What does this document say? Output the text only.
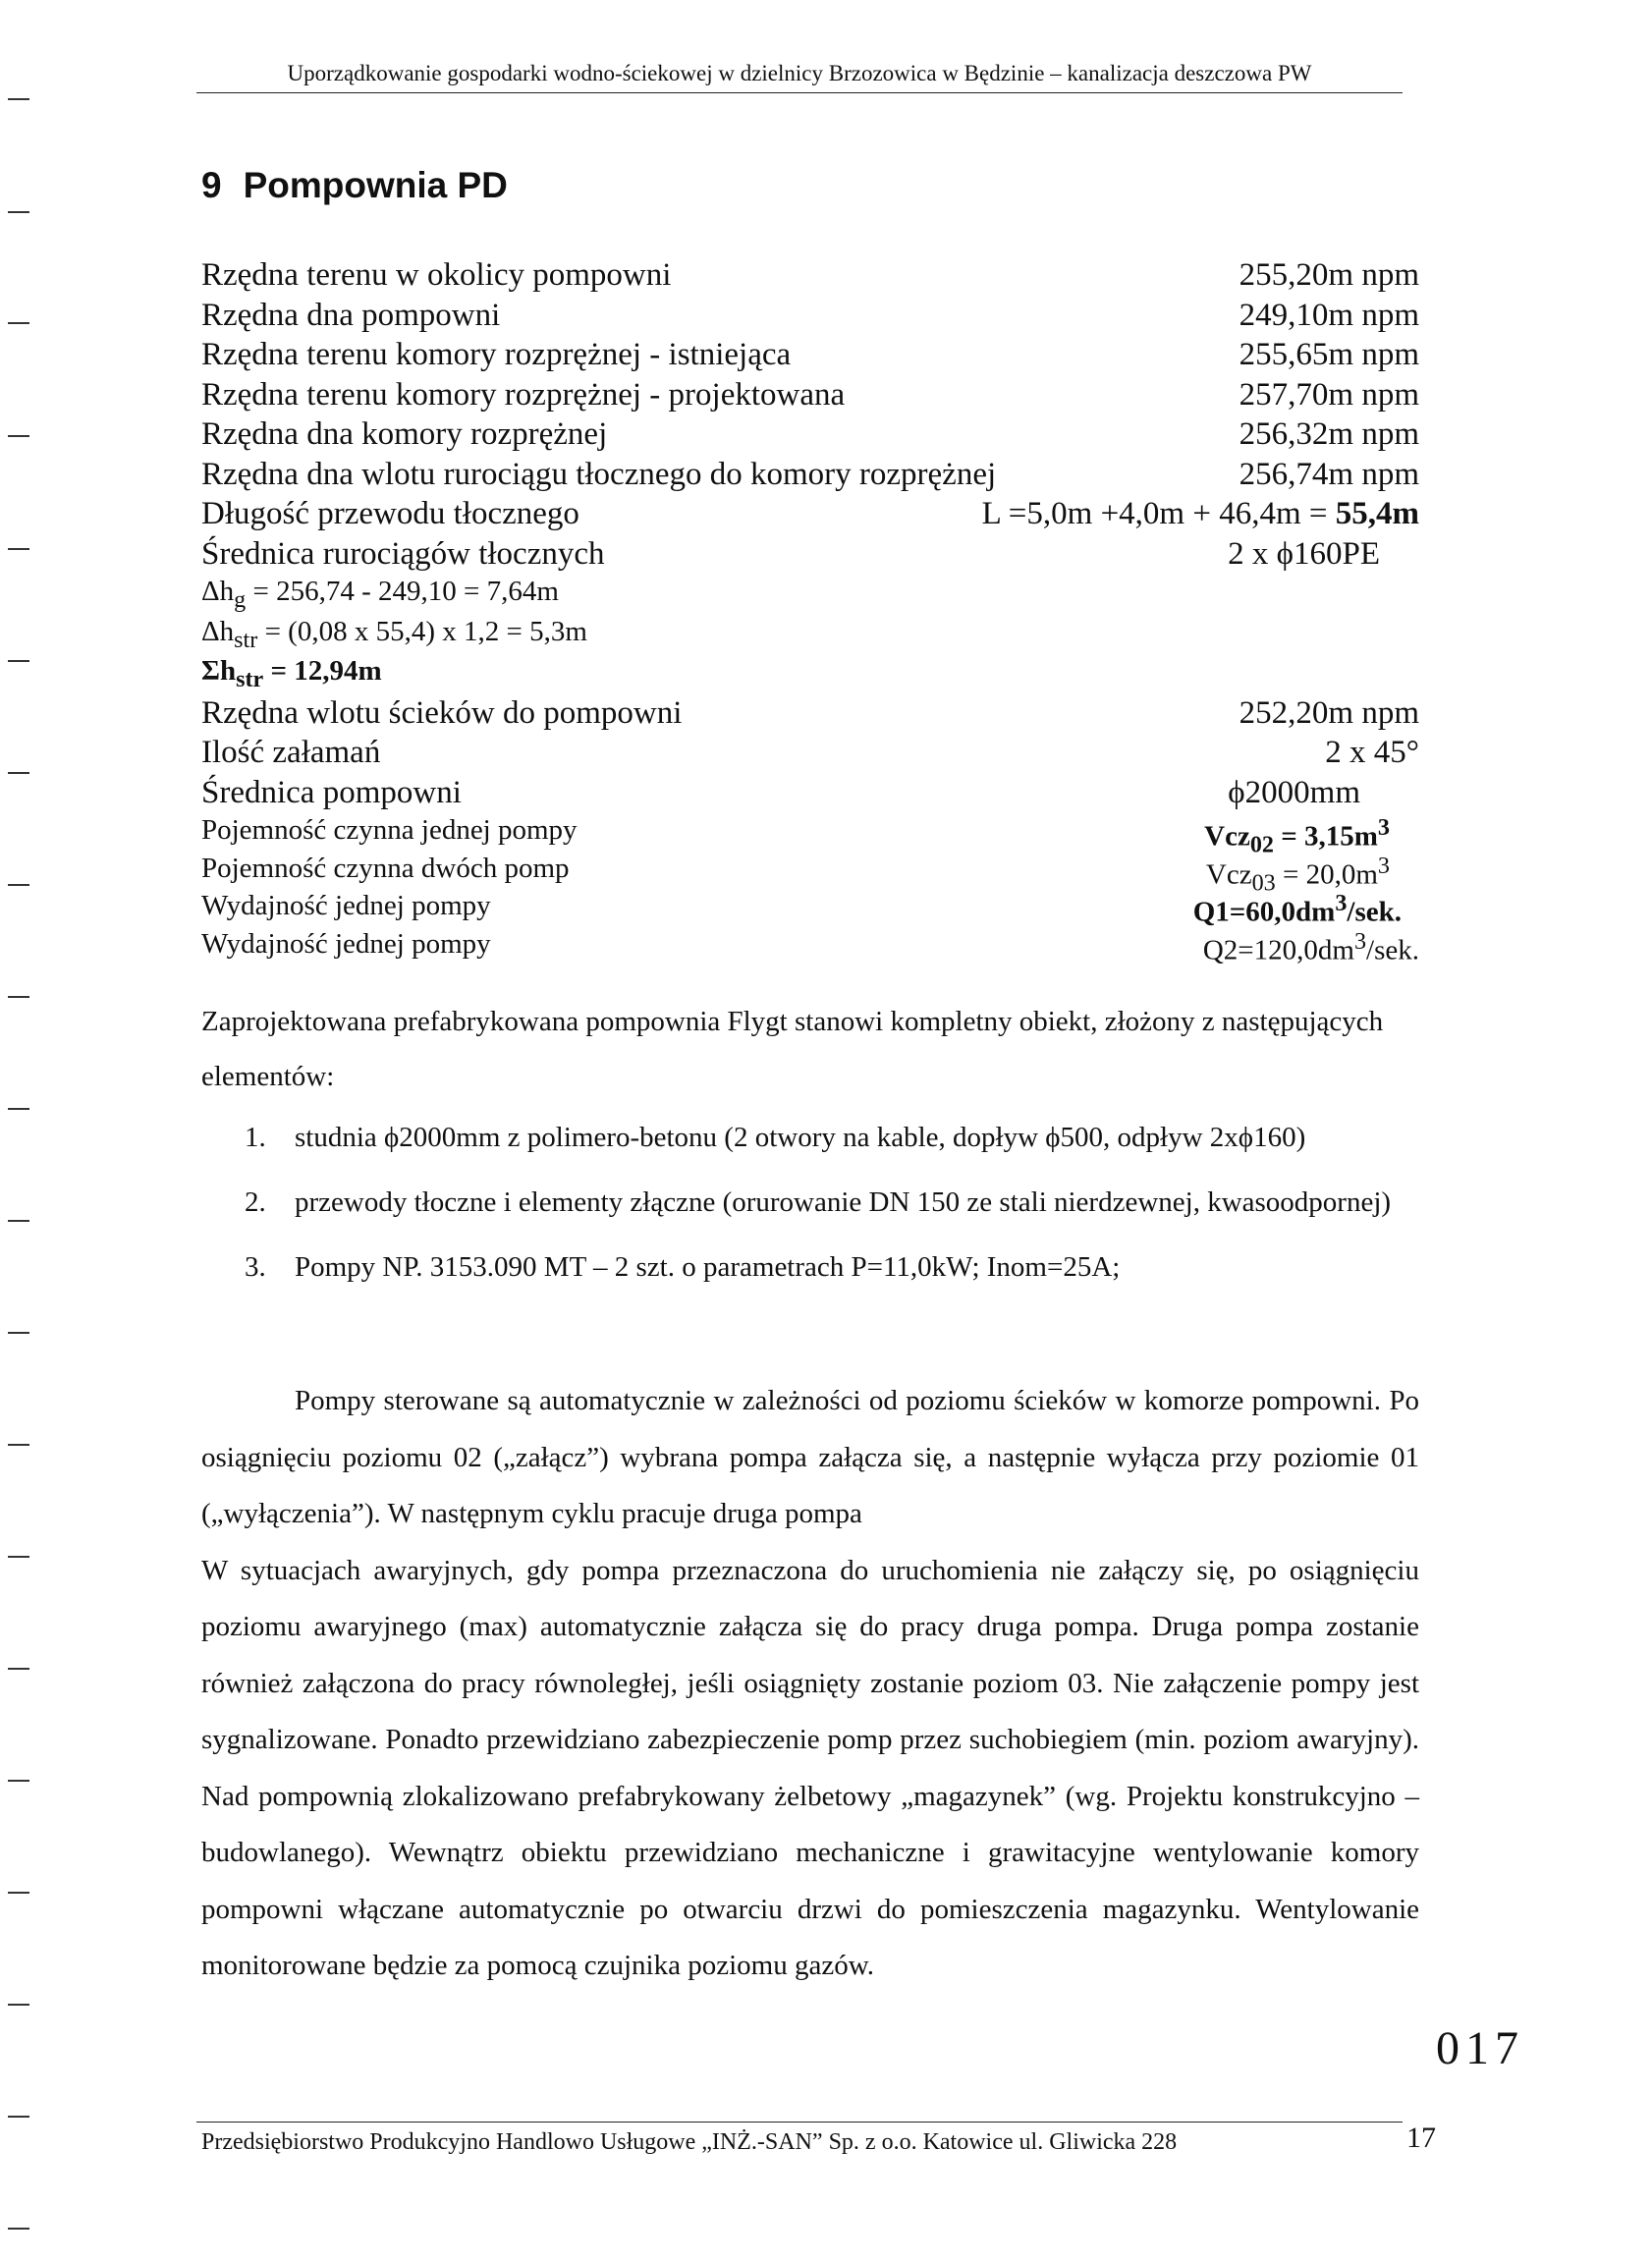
Uporządkowanie gospodarki wodno-ściekowej w dzielnicy Brzozowica w Będzinie – kanalizacja deszczowa PW
9 Pompownia PD
Rzędna terenu w okolicy pompowni	255,20m npm
Rzędna dna pompowni	249,10m npm
Rzędna terenu komory rozprężnej - istniejąca	255,65m npm
Rzędna terenu komory rozprężnej - projektowana	257,70m npm
Rzędna dna komory rozprężnej	256,32m npm
Rzędna dna wlotu rurociągu tłocznego do komory rozprężnej	256,74m npm
Długość przewodu tłocznego	L =5,0m +4,0m + 46,4m = 55,4m
Średnica rurociągów tłocznych	2 x ϕ160PE
$\Delta h_g = 256,74 - 249,10 = 7,64m$
$\Delta h_{str} = (0,08$ x 55,4) x 1,2 = 5,3m
$\Sigma h_{str} = 12,94m$
Rzędna wlotu ścieków do pompowni	252,20m npm
Ilość załamań	2 x 45°
Średnica pompowni	ϕ2000mm
Pojemność czynna jednej pompy	$Vcz_{02} = 3,15m^3$
Pojemność czynna dwóch pomp	$Vcz_{03} = 20,0m^3$
Wydajność jednej pompy	$Q1=60,0dm^3$/sek.
Wydajność jednej pompy	$Q2=120,0dm^3$/sek.
Zaprojektowana prefabrykowana pompownia Flygt stanowi kompletny obiekt, złożony z następujących elementów:
1. studnia ϕ2000mm z polimero-betonu (2 otwory na kable, dopływ ϕ500, odpływ 2xϕ160)
2. przewody tłoczne i elementy złączne (orurowanie DN 150 ze stali nierdzewnej, kwasoodpornej)
3. Pompy NP. 3153.090 MT – 2 szt. o parametrach P=11,0kW; Inom=25A;

Pompy sterowane są automatycznie w zależności od poziomu ścieków w komorze pompowni. Po osiągnięciu poziomu 02 („załącz”) wybrana pompa załącza się, a następnie wyłącza przy poziomie 01 („wyłączenia”). W następnym cyklu pracuje druga pompa

W sytuacjach awaryjnych, gdy pompa przeznaczona do uruchomienia nie załączy się, po osiągnięciu poziomu awaryjnego (max) automatycznie załącza się do pracy druga pompa. Druga pompa zostanie również załączona do pracy równoległej, jeśli osiągnięty zostanie poziom 03. Nie załączenie pompy jest sygnalizowane. Ponadto przewidziano zabezpieczenie pomp przez suchobiegiem (min. poziom awaryjny). Nad pompownią zlokalizowano prefabrykowany żelbetowy „magazynek” (wg. Projektu konstrukcyjno – budowlanego). Wewnątrz obiektu przewidziano mechaniczne i grawitacyjne wentylowanie komory pompowni włączane automatycznie po otwarciu drzwi do pomieszczenia magazynku. Wentylowanie monitorowane będzie za pomocą czujnika poziomu gazów.

017
Przedsiębiorstwo Produkcyjno Handlowo Usługowe „INŻ.-SAN” Sp. z o.o. Katowice ul. Gliwicka 228	17
